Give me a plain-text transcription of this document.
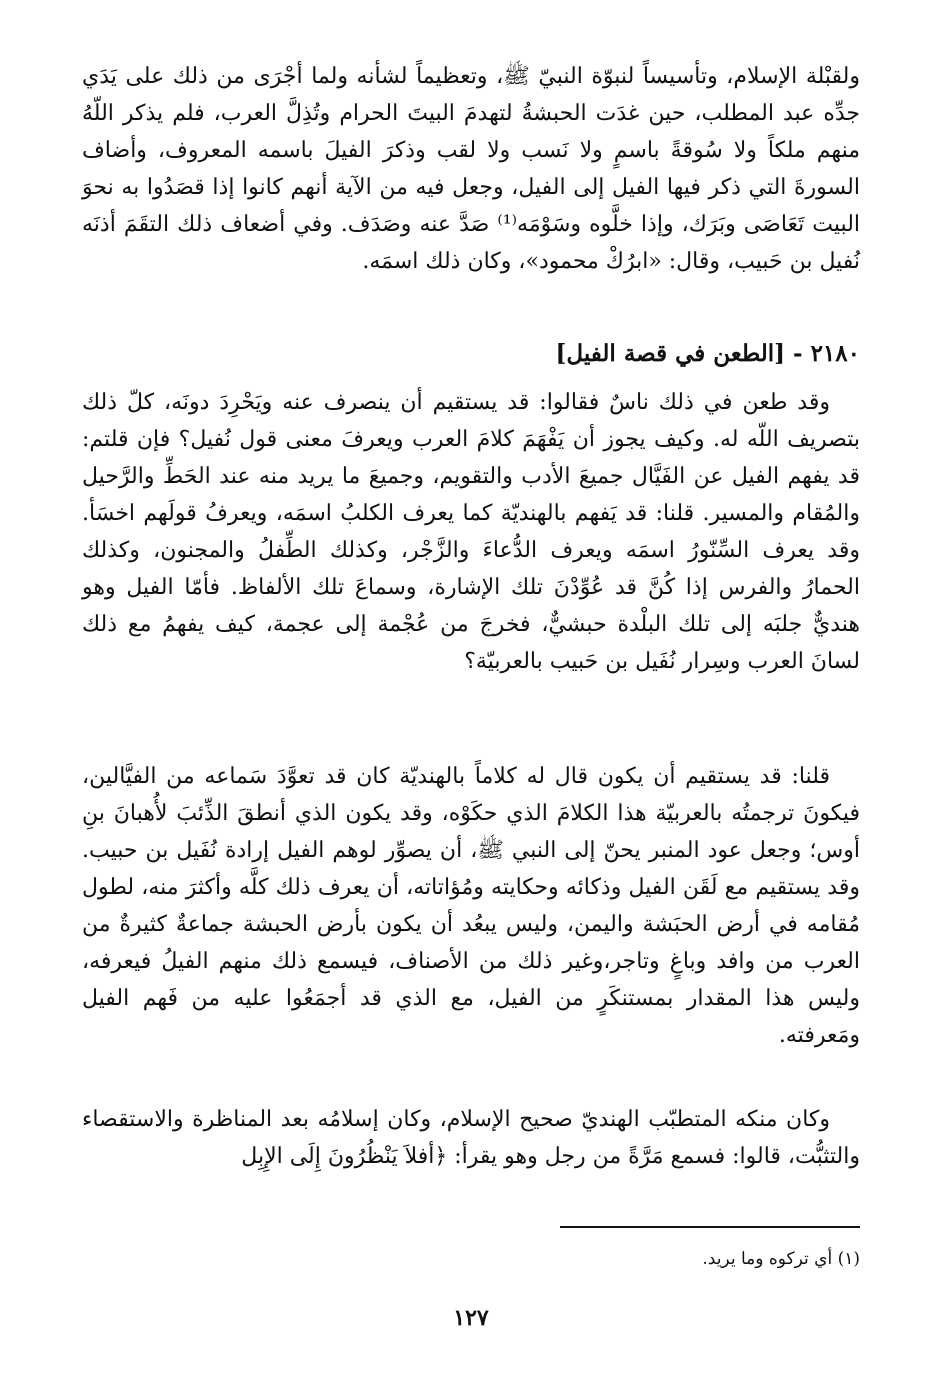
ولقبْلة الإسلام، وتأسيساً لنبوّة النبيّ ﷺ، وتعظيماً لشأنه ولما أجْرَى من ذلك على يَدَي جدِّه عبد المطلب، حين غدَت الحبشةُ لتهدمَ البيتَ الحرام وتُذِلَّ العرب، فلم يذكر اللّهُ منهم ملكاً ولا سُوقةً باسمٍ ولا نَسب ولا لقب وذكرَ الفيلَ باسمه المعروف، وأضاف السورةَ التي ذكر فيها الفيل إلى الفيل، وجعل فيه من الآية أنهم كانوا إذا قصَدُوا به نحوَ البيت تَعَاصَى وبَرَك، وإذا خلَّوه وسَوْمَه⁽¹⁾ صَدَّ عنه وصَدَف. وفي أضعاف ذلك التقَمَ أذنَه نُفيل بن حَبيب، وقال: «ابرُكْ محمود»، وكان ذلك اسمَه.

٢١٨٠ - [الطعن في قصة الفيل]

وقد طعن في ذلك ناسٌ فقالوا: قد يستقيم أن ينصرف عنه ويَحْرِدَ دونَه، كلّ ذلك بتصريف اللّه له. وكيف يجوز أن يَفْهَمَ كلامَ العرب ويعرفَ معنى قول نُفيل؟ فإن قلتم: قد يفهم الفيل عن الفَيَّال جميعَ الأدب والتقويم، وجميعَ ما يريد منه عند الحَطِّ والرَّحيل والمُقام والمسير. قلنا: قد يَفهم بالهنديّة كما يعرف الكلبُ اسمَه، ويعرفُ قولَهم اخسَأ. وقد يعرف السِّنّورُ اسمَه ويعرف الدُّعاءَ والزَّجْر، وكذلك الطِّفلُ والمجنون، وكذلك الحمارُ والفرس إذا كُنَّ قد عُوِّدْنَ تلك الإشارة، وسماعَ تلك الألفاظ. فأمّا الفيل وهو هنديٌّ جلبَه إلى تلك البلْدة حبشيٌّ، فخرجَ من عُجْمة إلى عجمة، كيف يفهمُ مع ذلك لسانَ العرب وسِرار نُفَيل بن حَبيب بالعربيّة؟

قلنا: قد يستقيم أن يكون قال له كلاماً بالهنديّة كان قد تعوَّدَ سَماعه من الفيَّالين، فيكونَ ترجمتُه بالعربيّة هذا الكلامَ الذي حكَوْه، وقد يكون الذي أنطقَ الذِّئبَ لأُهبانَ بنِ أوس؛ وجعل عود المنبر يحنّ إلى النبي ﷺ، أن يصوِّر لوهم الفيل إرادة نُفَيل بن حبيب. وقد يستقيم مع لَقَن الفيل وذكائه وحكايته ومُؤاتاته، أن يعرف ذلك كلَّه وأكثرَ منه، لطول مُقامه في أرض الحبَشة واليمن، وليس يبعُد أن يكون بأرض الحبشة جماعةٌ كثيرةٌ من العرب من وافد وباغٍ وتاجر،وغير ذلك من الأصناف، فيسمع ذلك منهم الفيلُ فيعرفه، وليس هذا المقدار بمستنكَرٍ من الفيل، مع الذي قد أجمَعُوا عليه من فَهم الفيل ومَعرفته.

وكان منكه المتطبّب الهنديّ صحيح الإسلام، وكان إسلامُه بعد المناظرة والاستقصاء والتثبُّت، قالوا: فسمع مَرَّةً من رجل وهو يقرأ: ﴿أفلاَ يَنْظُرُونَ إِلَى الإِبِل

(١) أي تركوه وما يريد.
١٢٧
